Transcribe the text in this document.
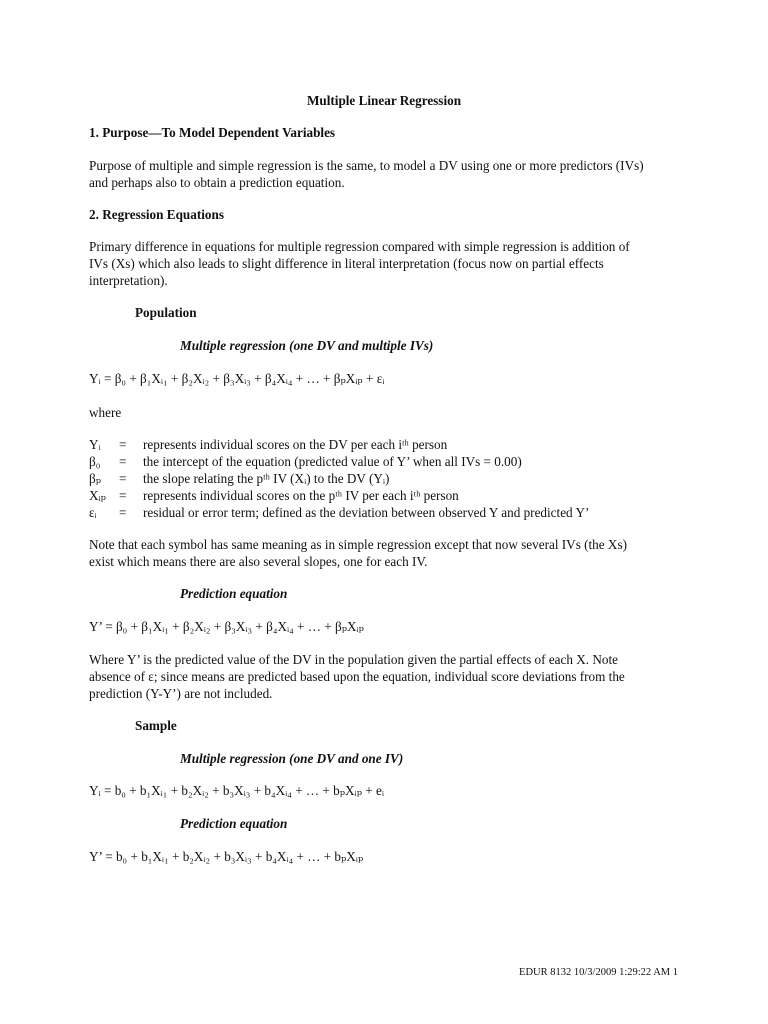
Multiple Linear Regression
1. Purpose—To Model Dependent Variables
Purpose of multiple and simple regression is the same, to model a DV using one or more predictors (IVs)
and perhaps also to obtain a prediction equation.
2. Regression Equations
Primary difference in equations for multiple regression compared with simple regression is addition of
IVs (Xs) which also leads to slight difference in literal interpretation (focus now on partial effects
interpretation).
Population
Multiple regression (one DV and multiple IVs)
Yᵢ = β₀ + β₁Xᵢ₁ + β₂Xᵢ₂ + β₃Xᵢ₃ + β₄Xᵢ₄ + … + βₚXᵢₚ + εᵢ
where
Yᵢ = represents individual scores on the DV per each iᵗʰ person
β₀ = the intercept of the equation (predicted value of Y’ when all IVs = 0.00)
βₚ = the slope relating the pᵗʰ IV (Xᵢ) to the DV (Yᵢ)
Xᵢₚ = represents individual scores on the pᵗʰ IV per each iᵗʰ person
εᵢ = residual or error term; defined as the deviation between observed Y and predicted Y’
Note that each symbol has same meaning as in simple regression except that now several IVs (the Xs)
exist which means there are also several slopes, one for each IV.
Prediction equation
Y’ = β₀ + β₁Xᵢ₁ + β₂Xᵢ₂ + β₃Xᵢ₃ + β₄Xᵢ₄ + … + βₚXᵢₚ
Where Y’ is the predicted value of the DV in the population given the partial effects of each X. Note
absence of ε; since means are predicted based upon the equation, individual score deviations from the
prediction (Y-Y’) are not included.
Sample
Multiple regression (one DV and one IV)
Yᵢ = b₀ + b₁Xᵢ₁ + b₂Xᵢ₂ + b₃Xᵢ₃ + b₄Xᵢ₄ + … + bₚXᵢₚ + eᵢ
Prediction equation
Y’ = b₀ + b₁Xᵢ₁ + b₂Xᵢ₂ + b₃Xᵢ₃ + b₄Xᵢ₄ + … + bₚXᵢₚ
EDUR 8132 10/3/2009 1:29:22 AM 1
